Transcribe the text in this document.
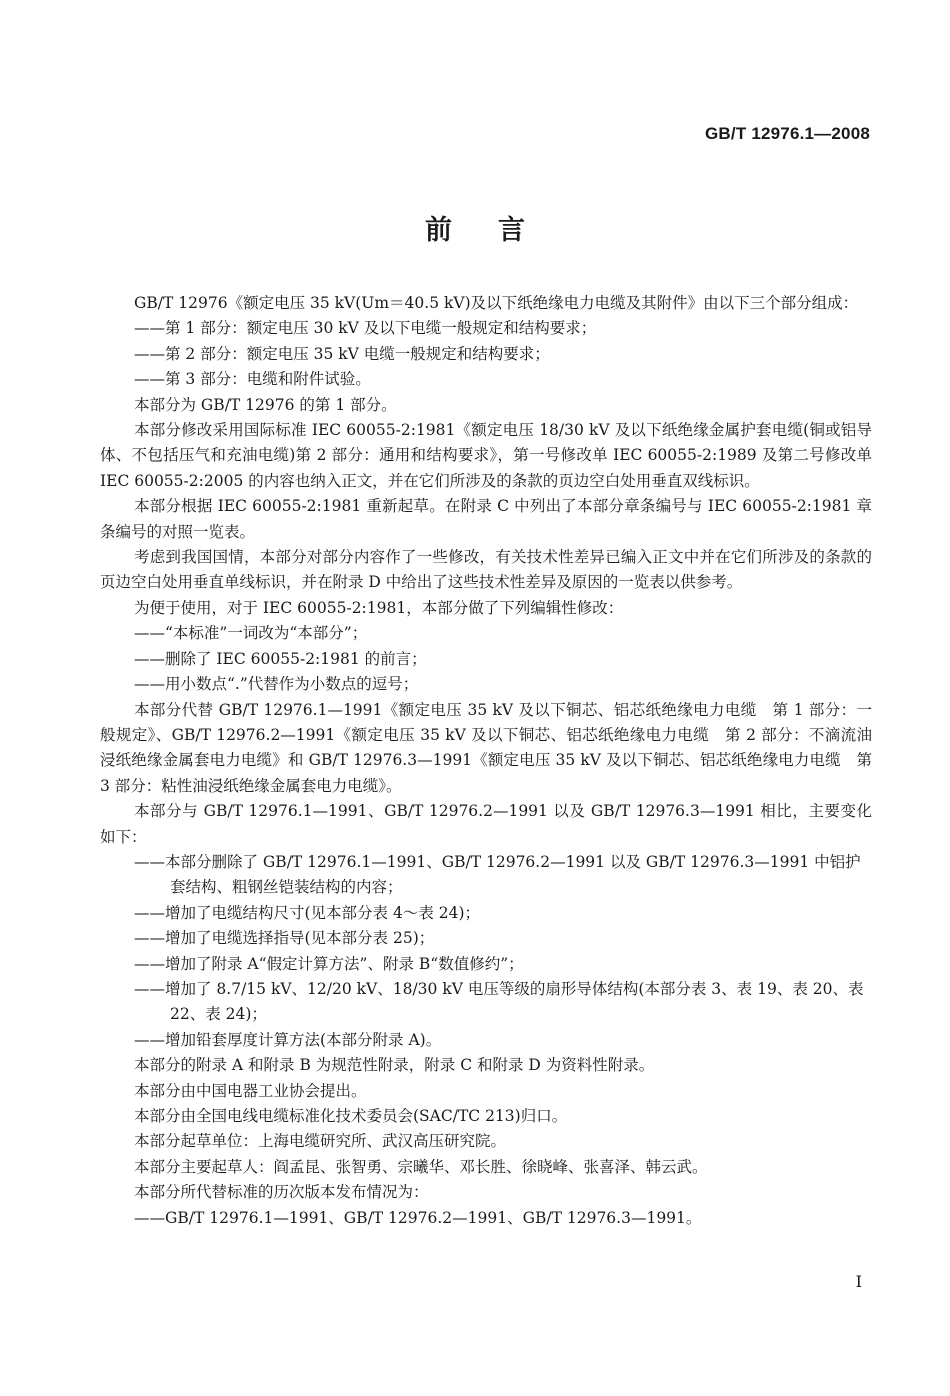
GB/T 12976.1—2008
前言

GB/T 12976《额定电压 35 kV(Um＝40.5 kV)及以下纸绝缘电力电缆及其附件》由以下三个部分组成：

——第 1 部分：额定电压 30 kV 及以下电缆一般规定和结构要求；

——第 2 部分：额定电压 35 kV 电缆一般规定和结构要求；

——第 3 部分：电缆和附件试验。

本部分为 GB/T 12976 的第 1 部分。

本部分修改采用国际标准 IEC 60055-2:1981《额定电压 18/30 kV 及以下纸绝缘金属护套电缆(铜或铝导体、不包括压气和充油电缆)第 2 部分：通用和结构要求》，第一号修改单 IEC 60055-2:1989 及第二号修改单 IEC 60055-2:2005 的内容也纳入正文，并在它们所涉及的条款的页边空白处用垂直双线标识。

本部分根据 IEC 60055-2:1981 重新起草。在附录 C 中列出了本部分章条编号与 IEC 60055-2:1981 章条编号的对照一览表。

考虑到我国国情，本部分对部分内容作了一些修改，有关技术性差异已编入正文中并在它们所涉及的条款的页边空白处用垂直单线标识，并在附录 D 中给出了这些技术性差异及原因的一览表以供参考。

为便于使用，对于 IEC 60055-2:1981，本部分做了下列编辑性修改：

——“本标准”一词改为“本部分”；

——删除了 IEC 60055-2:1981 的前言；

——用小数点“.”代替作为小数点的逗号；

本部分代替 GB/T 12976.1—1991《额定电压 35 kV 及以下铜芯、铝芯纸绝缘电力电缆　第 1 部分：一般规定》、GB/T 12976.2—1991《额定电压 35 kV 及以下铜芯、铝芯纸绝缘电力电缆　第 2 部分：不滴流油浸纸绝缘金属套电力电缆》和 GB/T 12976.3—1991《额定电压 35 kV 及以下铜芯、铝芯纸绝缘电力电缆　第 3 部分：粘性油浸纸绝缘金属套电力电缆》。

本部分与 GB/T 12976.1—1991、GB/T 12976.2—1991 以及 GB/T 12976.3—1991 相比，主要变化如下：

——本部分删除了 GB/T 12976.1—1991、GB/T 12976.2—1991 以及 GB/T 12976.3—1991 中铝护套结构、粗钢丝铠装结构的内容；

——增加了电缆结构尺寸(见本部分表 4～表 24)；

——增加了电缆选择指导(见本部分表 25)；

——增加了附录 A“假定计算方法”、附录 B“数值修约”；

——增加了 8.7/15 kV、12/20 kV、18/30 kV 电压等级的扇形导体结构(本部分表 3、表 19、表 20、表 22、表 24)；

——增加铅套厚度计算方法(本部分附录 A)。

本部分的附录 A 和附录 B 为规范性附录，附录 C 和附录 D 为资料性附录。

本部分由中国电器工业协会提出。

本部分由全国电线电缆标准化技术委员会(SAC/TC 213)归口。

本部分起草单位：上海电缆研究所、武汉高压研究院。

本部分主要起草人：阎孟昆、张智勇、宗曦华、邓长胜、徐晓峰、张喜泽、韩云武。

本部分所代替标准的历次版本发布情况为：

——GB/T 12976.1—1991、GB/T 12976.2—1991、GB/T 12976.3—1991。

I
